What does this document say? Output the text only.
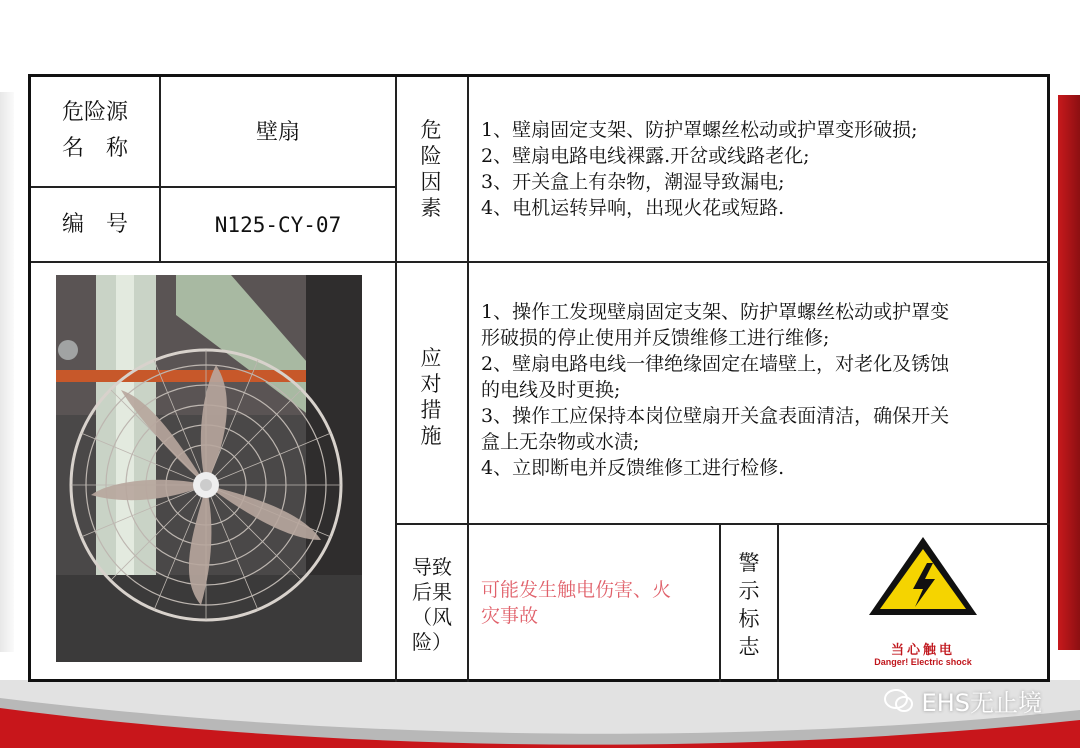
危险源
名　称
壁扇
编　号	N125-CY-07
危
险
因
素
1、壁扇固定支架、防护罩螺丝松动或护罩变形破损;
2、壁扇电路电线裸露.开岔或线路老化;
3、开关盒上有杂物，潮湿导致漏电;
4、电机运转异响，出现火花或短路.
应
对
措
施
1、操作工发现壁扇固定支架、防护罩螺丝松动或护罩变
形破损的停止使用并反馈维修工进行维修;
2、壁扇电路电线一律绝缘固定在墙壁上，对老化及锈蚀
的电线及时更换;
3、操作工应保持本岗位壁扇开关盒表面清洁，确保开关
盒上无杂物或水渍;
4、立即断电并反馈维修工进行检修.
导致
后果
（风
险）
可能发生触电伤害、火
灾事故
警
示
标
志	当心触电
Danger! Electric shock
EHS无止境
